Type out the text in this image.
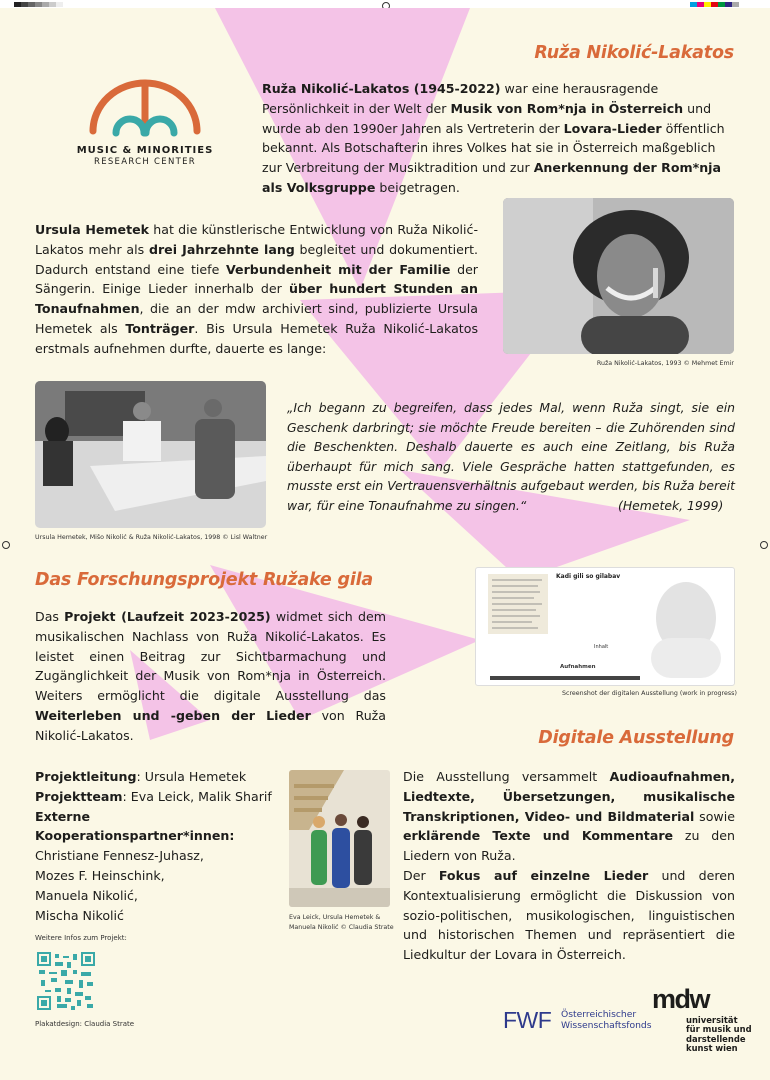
MUSIC & MINORITIES
RESEARCH CENTER
Ruža Nikolić-Lakatos
Ruža Nikolić-Lakatos (1945-2022) war eine herausragende Persönlichkeit in der Welt der Musik von Rom*nja in Österreich und wurde ab den 1990er Jahren als Vertreterin der Lovara-Lieder öffentlich bekannt. Als Botschafterin ihres Volkes hat sie in Österreich maßgeblich zur Verbreitung der Musiktradition und zur Anerkennung der Rom*nja als Volksgruppe beigetragen.
Ursula Hemetek hat die künstlerische Entwicklung von Ruža Nikolić-Lakatos mehr als drei Jahrzehnte lang begleitet und dokumentiert. Dadurch entstand eine tiefe Verbundenheit mit der Familie der Sängerin. Einige Lieder innerhalb der über hundert Stunden an Tonaufnahmen, die an der mdw archiviert sind, publizierte Ursula Hemetek als Tonträger. Bis Ursula Hemetek Ruža Nikolić-Lakatos erstmals aufnehmen durfte, dauerte es lange:
Ruža Nikolić-Lakatos, 1993 © Mehmet Emir
Ursula Hemetek, Mišo Nikolić & Ruža Nikolić-Lakatos, 1998 © Lisl Waltner
„Ich begann zu begreifen, dass jedes Mal, wenn Ruža singt, sie ein Geschenk darbringt; sie möchte Freude bereiten – die Zuhörenden sind die Beschenkten. Deshalb dauerte es auch eine Zeitlang, bis Ruža überhaupt für mich sang. Viele Gespräche hatten stattgefunden, es musste erst ein Vertrauensverhältnis aufgebaut werden, bis Ruža bereit war, für eine Tonaufnahme zu singen.“	(Hemetek, 1999)
Das Forschungsprojekt Ružake gila
Das Projekt (Laufzeit 2023-2025) widmet sich dem musikalischen Nachlass von Ruža Nikolić-Lakatos. Es leistet einen Beitrag zur Sichtbarmachung und Zugänglichkeit der Musik von Rom*nja in Österreich. Weiters ermöglicht die digitale Ausstellung das Weiterleben und -geben der Lieder von Ruža Nikolić-Lakatos.
Kadi gili so gilabav
Inhalt
Aufnahmen
Screenshot der digitalen Ausstellung (work in progress)
Digitale Ausstellung
Projektleitung: Ursula Hemetek
Projektteam: Eva Leick, Malik Sharif
Externe Kooperationspartner*innen:
Christiane Fennesz-Juhasz,
Mozes F. Heinschink,
Manuela Nikolić,
Mischa Nikolić	Eva Leick, Ursula Hemetek &
Manuela Nikolić © Claudia Strate
Die Ausstellung versammelt Audioaufnahmen, Liedtexte, Übersetzungen, musikalische Transkriptionen, Video- und Bildmaterial sowie erklärende Texte und Kommentare zu den Liedern von Ruža.
Der Fokus auf einzelne Lieder und deren Kontextualisierung ermöglicht die Diskussion von sozio-politischen, musikologischen, linguistischen und historischen Themen und repräsentiert die Liedkultur der Lovara in Österreich.
Weitere Infos zum Projekt:
Plakatdesign: Claudia Strate	FWF Österreichischer
Wissenschaftsfonds
mdw
universität
für musik und
darstellende
kunst wien
